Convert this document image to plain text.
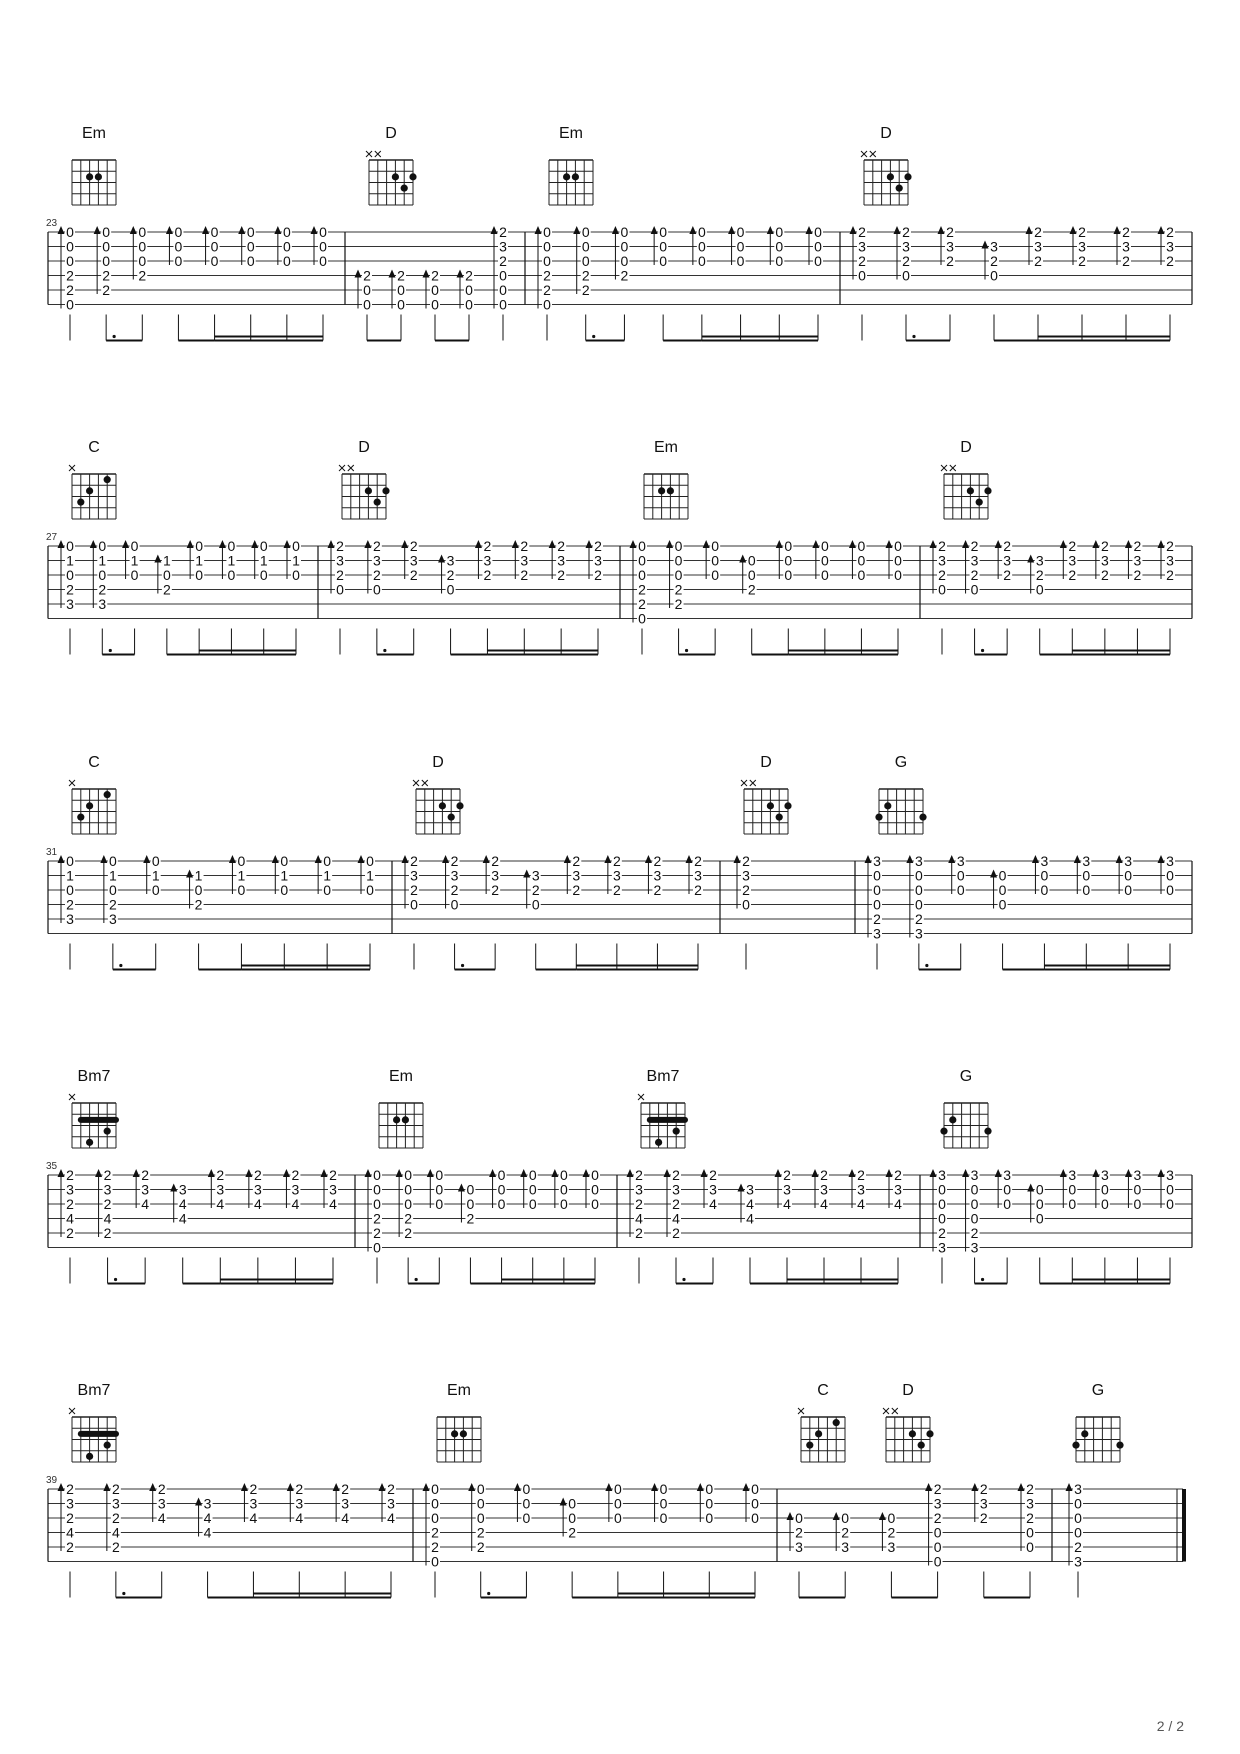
23
Em
0
0
0
2
2
0
0
0
0
2
2
0
0
0
2
0
0
0
0
0
0
0
0
0
0
0
0
0
0
0
D
2
0
0
2
0
0
2
0
0
2
0
0
2
3
2
0
0
0
Em
0
0
0
2
2
0
0
0
0
2
2
0
0
0
2
0
0
0
0
0
0
0
0
0
0
0
0
0
0
0
D
2
3
2
0
2
3
2
0
2
3
2
3
2
0
2
3
2
2
3
2
2
3
2
2
3
2
27
C
0
1
0
2
3
0
1
0
2
3
0
1
0
1
0
2
0
1
0
0
1
0
0
1
0
0
1
0
D
2
3
2
0
2
3
2
0
2
3
2
3
2
0
2
3
2
2
3
2
2
3
2
2
3
2
Em
0
0
0
2
2
0
0
0
0
2
2
0
0
0
0
0
2
0
0
0
0
0
0
0
0
0
0
0
0
D
2
3
2
0
2
3
2
0
2
3
2
3
2
0
2
3
2
2
3
2
2
3
2
2
3
2
31
C
0
1
0
2
3
0
1
0
2
3
0
1
0
1
0
2
0
1
0
0
1
0
0
1
0
0
1
0
D
2
3
2
0
2
3
2
0
2
3
2
3
2
0
2
3
2
2
3
2
2
3
2
2
3
2
D
2
3
2
0
G
3
0
0
0
2
3
3
0
0
0
2
3
3
0
0
0
0
0
3
0
0
3
0
0
3
0
0
3
0
0
35
Bm7
2
3
2
4
2
2
3
2
4
2
2
3
4
3
4
4
2
3
4
2
3
4
2
3
4
2
3
4
Em
0
0
0
2
2
0
0
0
0
2
2
0
0
0
0
0
2
0
0
0
0
0
0
0
0
0
0
0
0
Bm7
2
3
2
4
2
2
3
2
4
2
2
3
4
3
4
4
2
3
4
2
3
4
2
3
4
2
3
4
G
3
0
0
0
2
3
3
0
0
0
2
3
3
0
0
0
0
0
3
0
0
3
0
0
3
0
0
3
0
0
39
Bm7
2
3
2
4
2
2
3
2
4
2
2
3
4
3
4
4
2
3
4
2
3
4
2
3
4
2
3
4
Em
0
0
0
2
2
0
0
0
0
2
2
0
0
0
0
0
2
0
0
0
0
0
0
0
0
0
0
0
0
C	D
0
2
3
0
2
3
0
2
3
2
3
2
0
0
0
2
3
2
2
3
2
0
0
G
3
0
0
0
2
3
2 / 2
